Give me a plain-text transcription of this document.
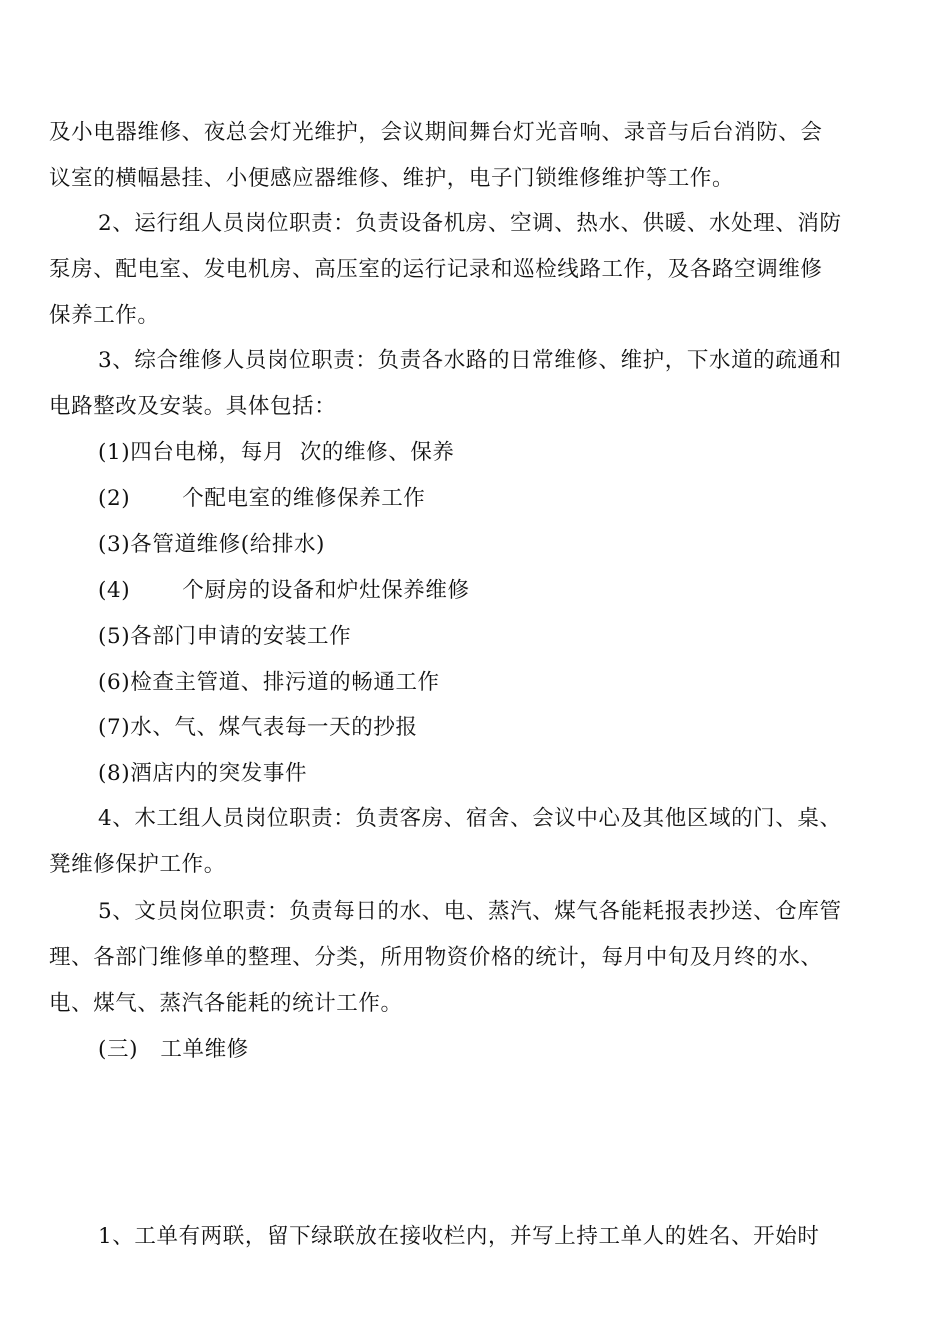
及小电器维修、夜总会灯光维护，会议期间舞台灯光音响、录音与后台消防、会
议室的横幅悬挂、小便感应器维修、维护，电子门锁维修维护等工作。
2、运行组人员岗位职责：负责设备机房、空调、热水、供暖、水处理、消防
泵房、配电室、发电机房、高压室的运行记录和巡检线路工作，及各路空调维修
保养工作。
3、综合维修人员岗位职责：负责各水路的日常维修、维护，下水道的疏通和
电路整改及安装。具体包括：
(1)四台电梯，每月  次的维修、保养
(2)       个配电室的维修保养工作
(3)各管道维修(给排水)
(4)       个厨房的设备和炉灶保养维修
(5)各部门申请的安装工作
(6)检查主管道、排污道的畅通工作
(7)水、气、煤气表每一天的抄报
(8)酒店内的突发事件
4、木工组人员岗位职责：负责客房、宿舍、会议中心及其他区域的门、桌、
凳维修保护工作。
5、文员岗位职责：负责每日的水、电、蒸汽、煤气各能耗报表抄送、仓库管
理、各部门维修单的整理、分类，所用物资价格的统计，每月中旬及月终的水、
电、煤气、蒸汽各能耗的统计工作。
(三)   工单维修
1、工单有两联，留下绿联放在接收栏内，并写上持工单人的姓名、开始时
